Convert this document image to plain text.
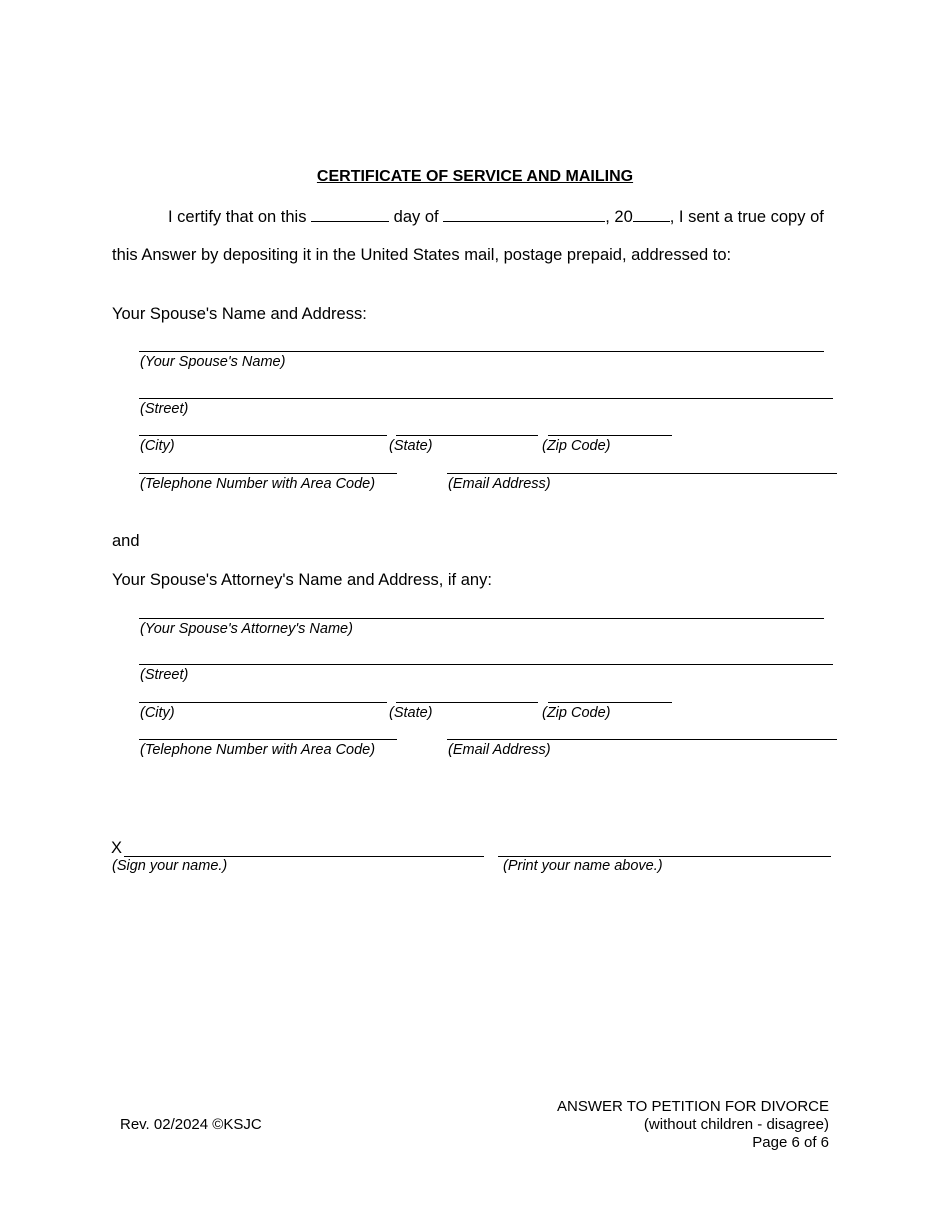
CERTIFICATE OF SERVICE AND MAILING
I certify that on this	day of	, 20 , I sent a true copy of
this Answer by depositing it in the United States mail, postage prepaid, addressed to:
Your Spouse's Name and Address:
(Your Spouse's Name)
(Street)
(City)	(State)	(Zip Code)
(Telephone Number with Area Code)	(Email Address)
and
Your Spouse's Attorney's Name and Address, if any:
(Your Spouse's Attorney's Name)
(Street)
(City)	(State)	(Zip Code)
(Telephone Number with Area Code)	(Email Address)
X
(Sign your name.)	(Print your name above.)
Rev. 02/2024 ©KSJC
ANSWER TO PETITION FOR DIVORCE
(without children - disagree)
Page 6 of 6
